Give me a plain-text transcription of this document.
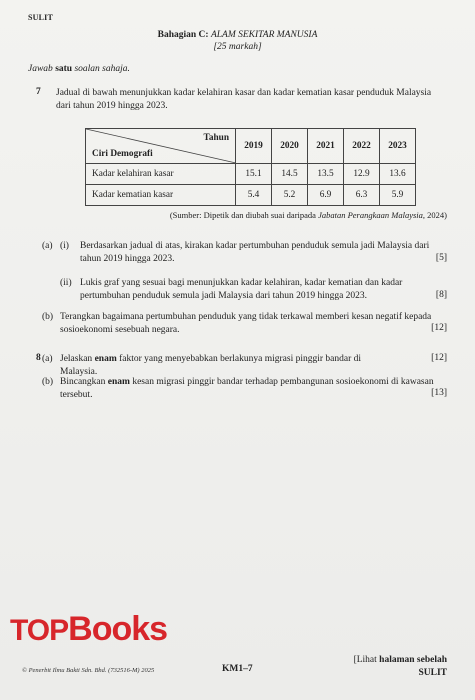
SULIT
Bahagian C: ALAM SEKITAR MANUSIA
[25 markah]
Jawab satu soalan sahaja.
7 Jadual di bawah menunjukkan kadar kelahiran kasar dan kadar kematian kasar penduduk Malaysia dari tahun 2019 hingga 2023.
Tahun
Ciri Demografi	2019	2020	2021	2022	2023
Kadar kelahiran kasar	15.1	14.5	13.5	12.9	13.6
Kadar kematian kasar	5.4	5.2	6.9	6.3	5.9
(Sumber: Dipetik dan diubah suai daripada Jabatan Perangkaan Malaysia, 2024)
(a) (i) Berdasarkan jadual di atas, kirakan kadar pertumbuhan penduduk semula jadi Malaysia dari tahun 2019 hingga 2023.	[5]
(ii) Lukis graf yang sesuai bagi menunjukkan kadar kelahiran, kadar kematian dan kadar pertumbuhan penduduk semula jadi Malaysia dari tahun 2019 hingga 2023.	[8]
(b) Terangkan bagaimana pertumbuhan penduduk yang tidak terkawal memberi kesan negatif kepada sosioekonomi sesebuah negara.	[12]
8 (a) Jelaskan enam faktor yang menyebabkan berlakunya migrasi pinggir bandar di Malaysia.
[12]
(b) Bincangkan enam kesan migrasi pinggir bandar terhadap pembangunan sosioekonomi di kawasan tersebut.	[13]
TOPBooks
© Penerbit Ilmu Bakti Sdn. Bhd. (732516-M) 2025	KM1–7
[Lihat halaman sebelah
SULIT
